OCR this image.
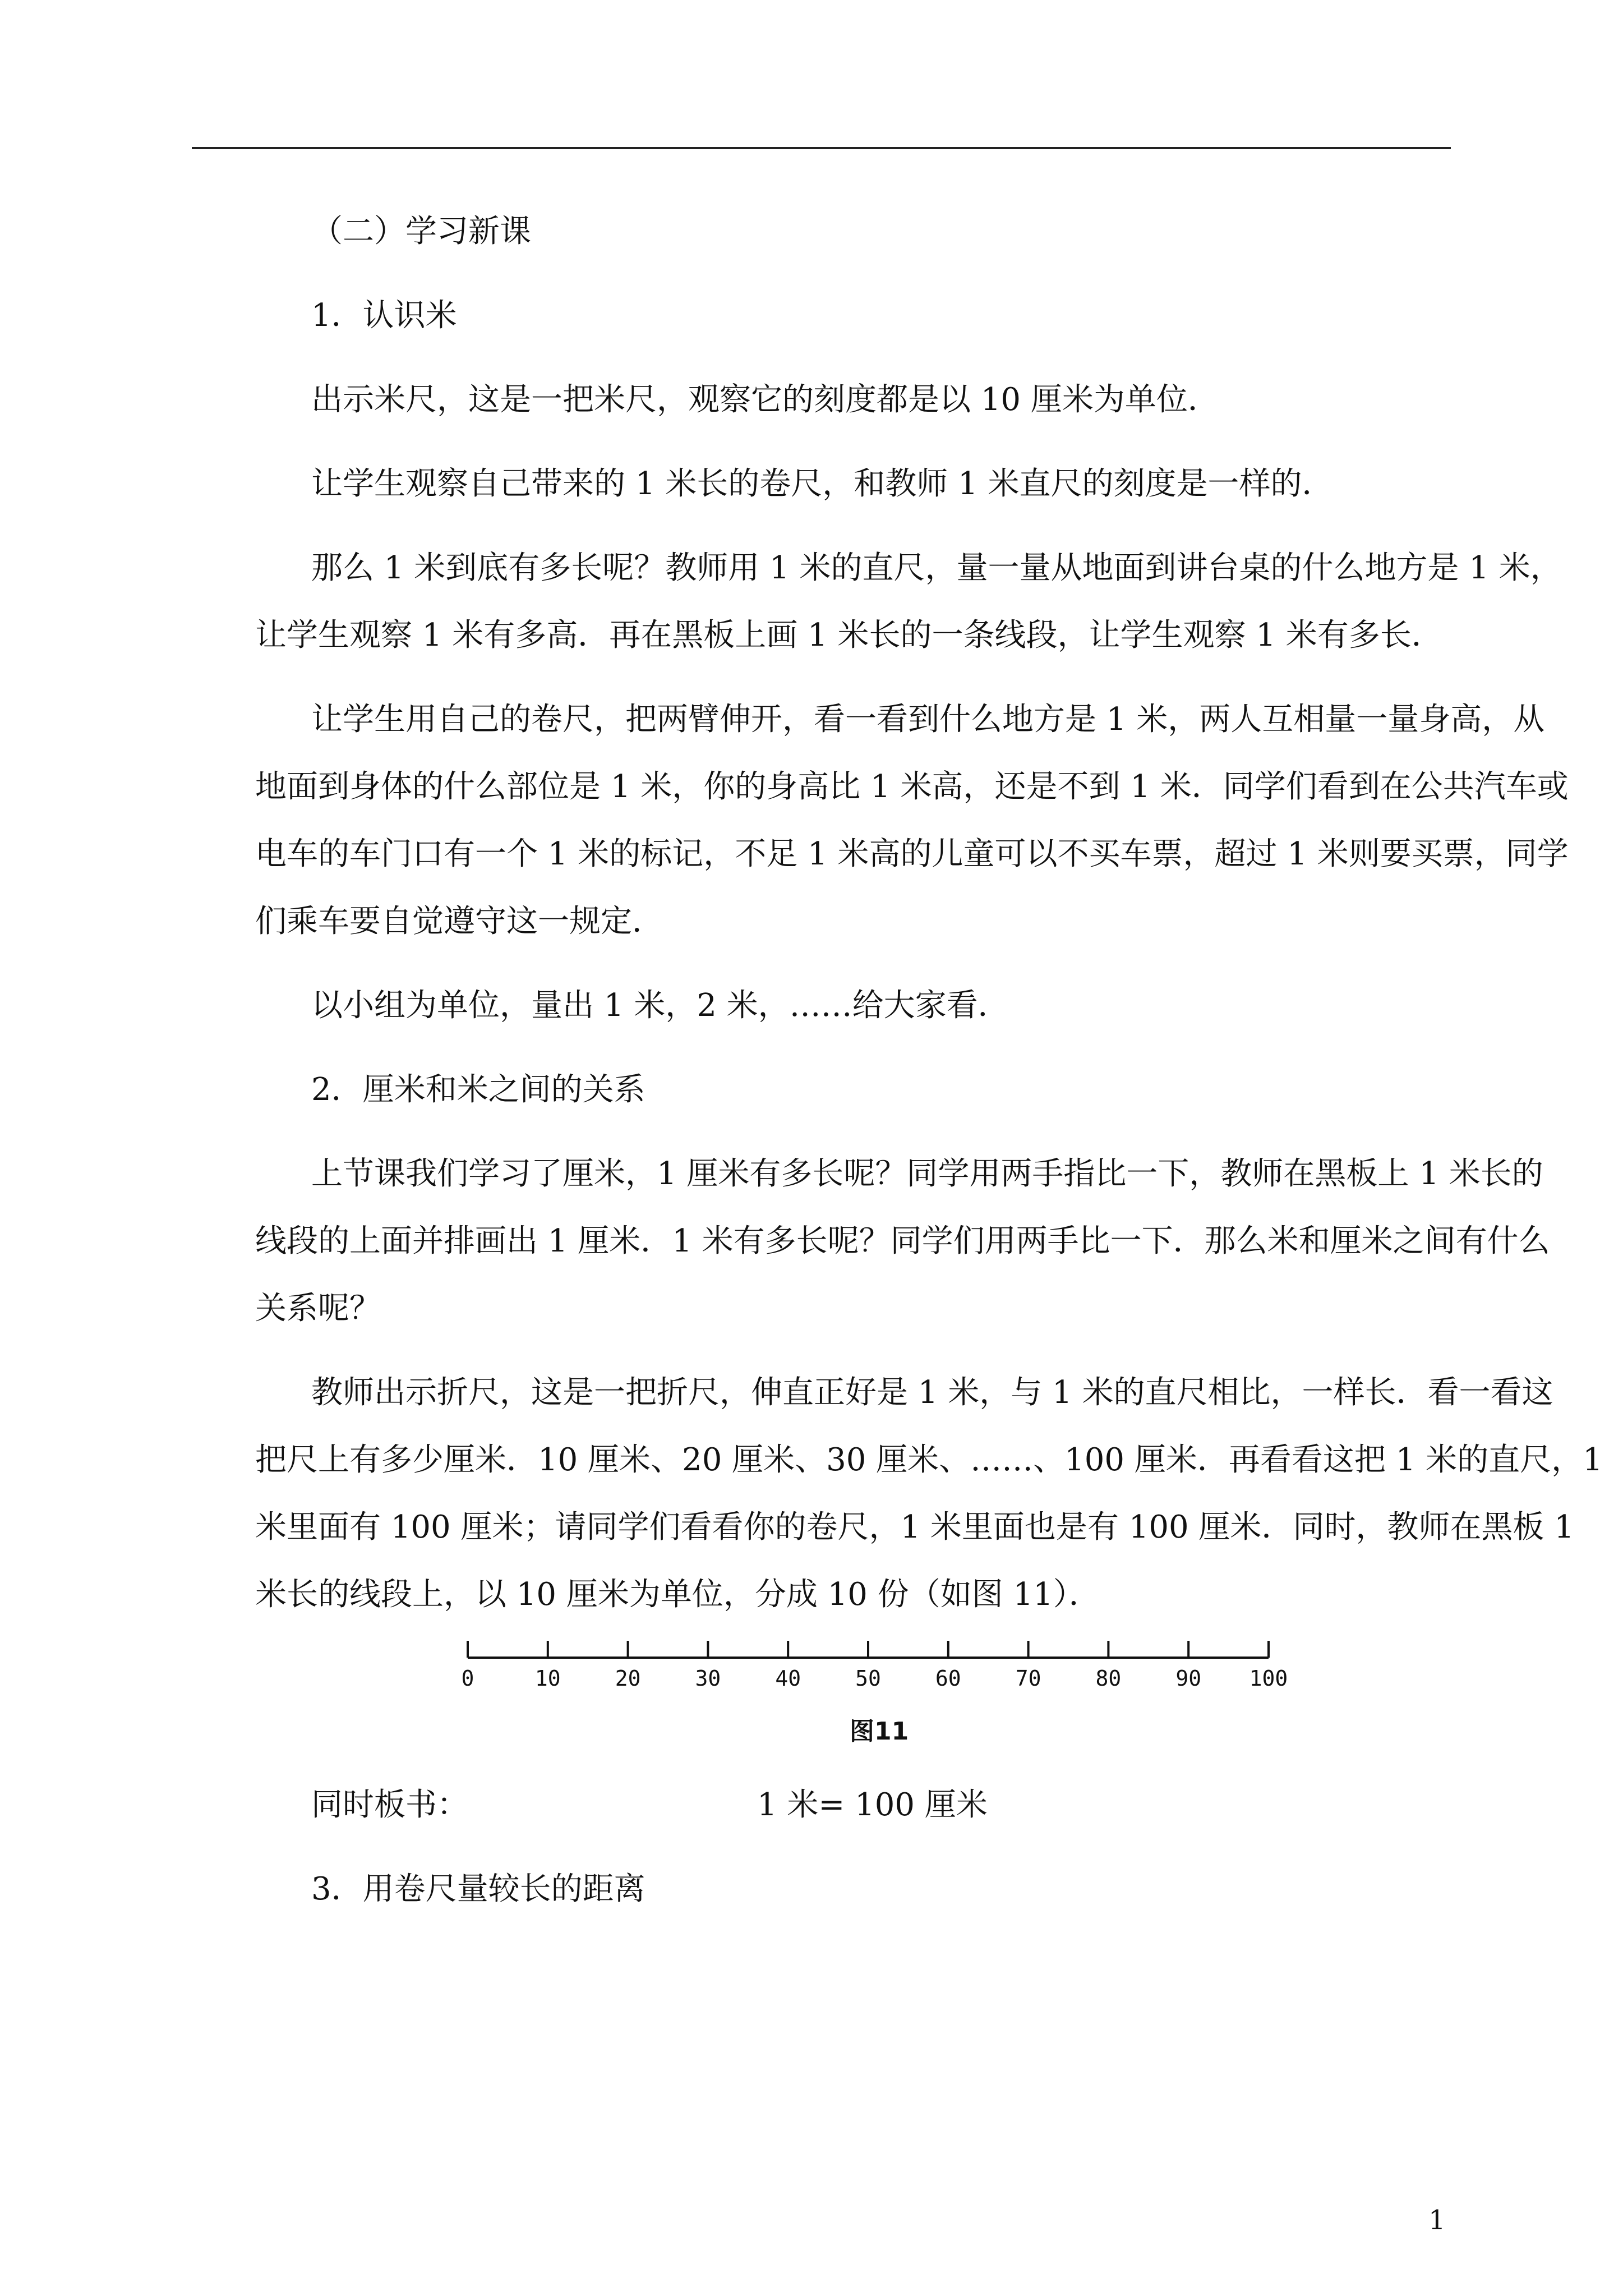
（二）学习新课
1．认识米
出示米尺，这是一把米尺，观察它的刻度都是以 10 厘米为单位．
让学生观察自己带来的 1 米长的卷尺，和教师 1 米直尺的刻度是一样的．
那么 1 米到底有多长呢？教师用 1 米的直尺，量一量从地面到讲台桌的什么地方是 1 米，
让学生观察 1 米有多高．再在黑板上画 1 米长的一条线段，让学生观察 1 米有多长．
让学生用自己的卷尺，把两臂伸开，看一看到什么地方是 1 米，两人互相量一量身高，从
地面到身体的什么部位是 1 米，你的身高比 1 米高，还是不到 1 米．同学们看到在公共汽车或
电车的车门口有一个 1 米的标记，不足 1 米高的儿童可以不买车票，超过 1 米则要买票，同学
们乘车要自觉遵守这一规定．
以小组为单位，量出 1 米，2 米，……给大家看．
2．厘米和米之间的关系
上节课我们学习了厘米，1 厘米有多长呢？同学用两手指比一下，教师在黑板上 1 米长的
线段的上面并排画出 1 厘米．1 米有多长呢？同学们用两手比一下．那么米和厘米之间有什么
关系呢？
教师出示折尺，这是一把折尺，伸直正好是 1 米，与 1 米的直尺相比，一样长．看一看这
把尺上有多少厘米．10 厘米、20 厘米、30 厘米、……、100 厘米．再看看这把 1 米的直尺，1
米里面有 100 厘米；请同学们看看你的卷尺，1 米里面也是有 100 厘米．同时，教师在黑板 1
米长的线段上，以 10 厘米为单位，分成 10 份（如图 11）．
3．用卷尺量较长的距离
0	10	20	30	40	50	60	70	80	90 100
图11
同时板书：	1 米= 100 厘米
1
